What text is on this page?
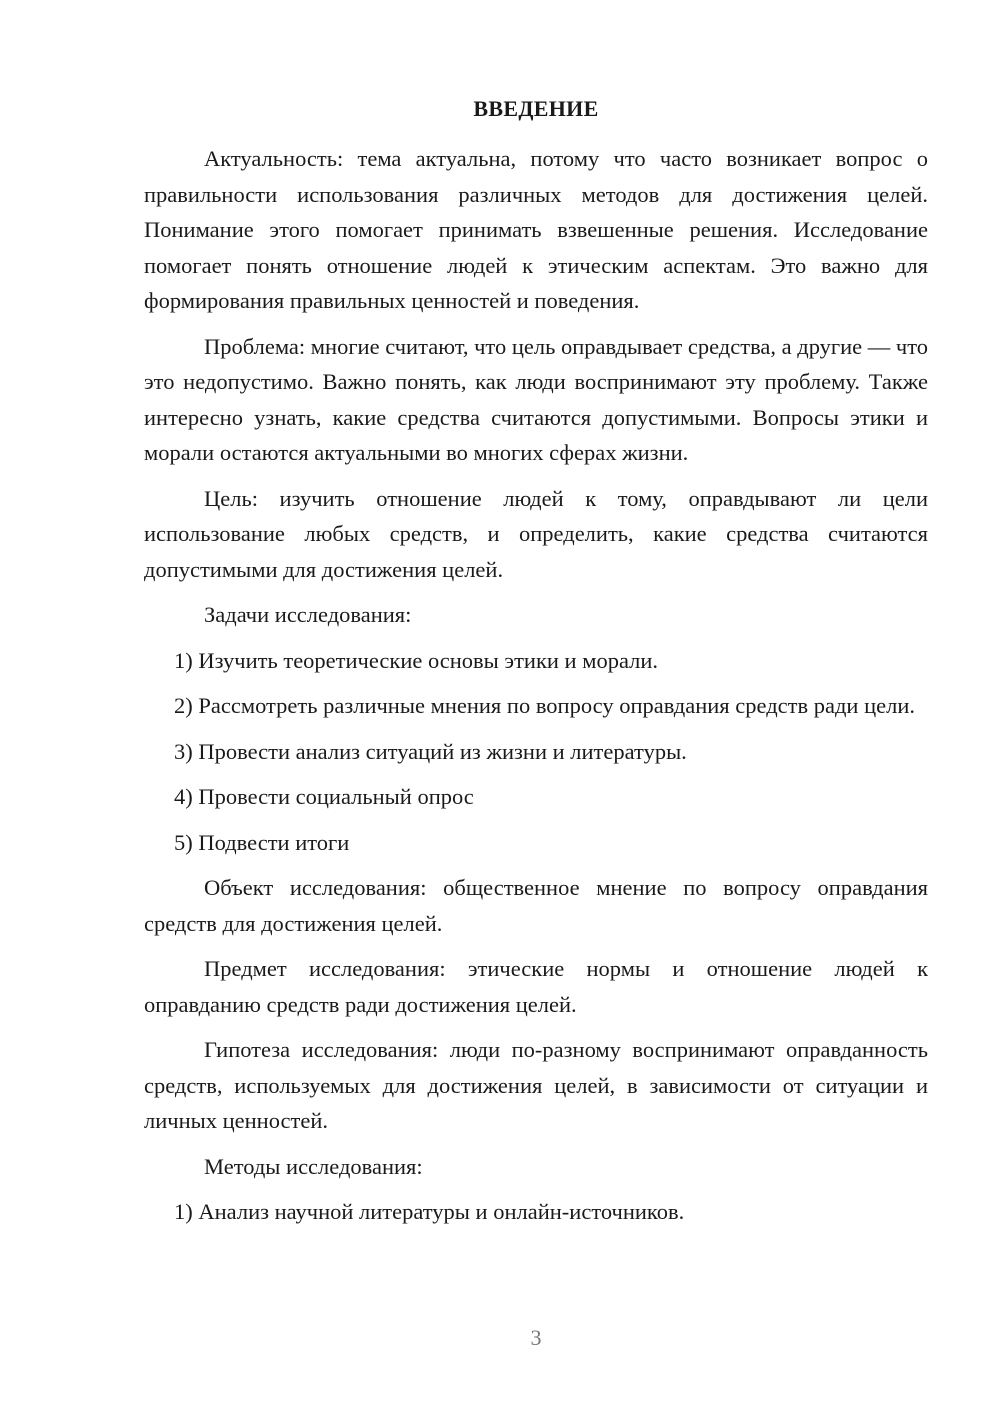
ВВЕДЕНИЕ

Актуальность: тема актуальна, потому что часто возникает вопрос о правильности использования различных методов для достижения целей. Понимание этого помогает принимать взвешенные решения. Исследование помогает понять отношение людей к этическим аспектам. Это важно для формирования правильных ценностей и поведения.

Проблема: многие считают, что цель оправдывает средства, а другие — что это недопустимо. Важно понять, как люди воспринимают эту проблему. Также интересно узнать, какие средства считаются допустимыми. Вопросы этики и морали остаются актуальными во многих сферах жизни.

Цель: изучить отношение людей к тому, оправдывают ли цели использование любых средств, и определить, какие средства считаются допустимыми для достижения целей.

Задачи исследования:

1) Изучить теоретические основы этики и морали.

2) Рассмотреть различные мнения по вопросу оправдания средств ради цели.

3) Провести анализ ситуаций из жизни и литературы.

4) Провести социальный опрос

5) Подвести итоги

Объект исследования: общественное мнение по вопросу оправдания средств для достижения целей.

Предмет исследования: этические нормы и отношение людей к оправданию средств ради достижения целей.

Гипотеза исследования: люди по-разному воспринимают оправданность средств, используемых для достижения целей, в зависимости от ситуации и личных ценностей.

Методы исследования:

1) Анализ научной литературы и онлайн-источников.

3
